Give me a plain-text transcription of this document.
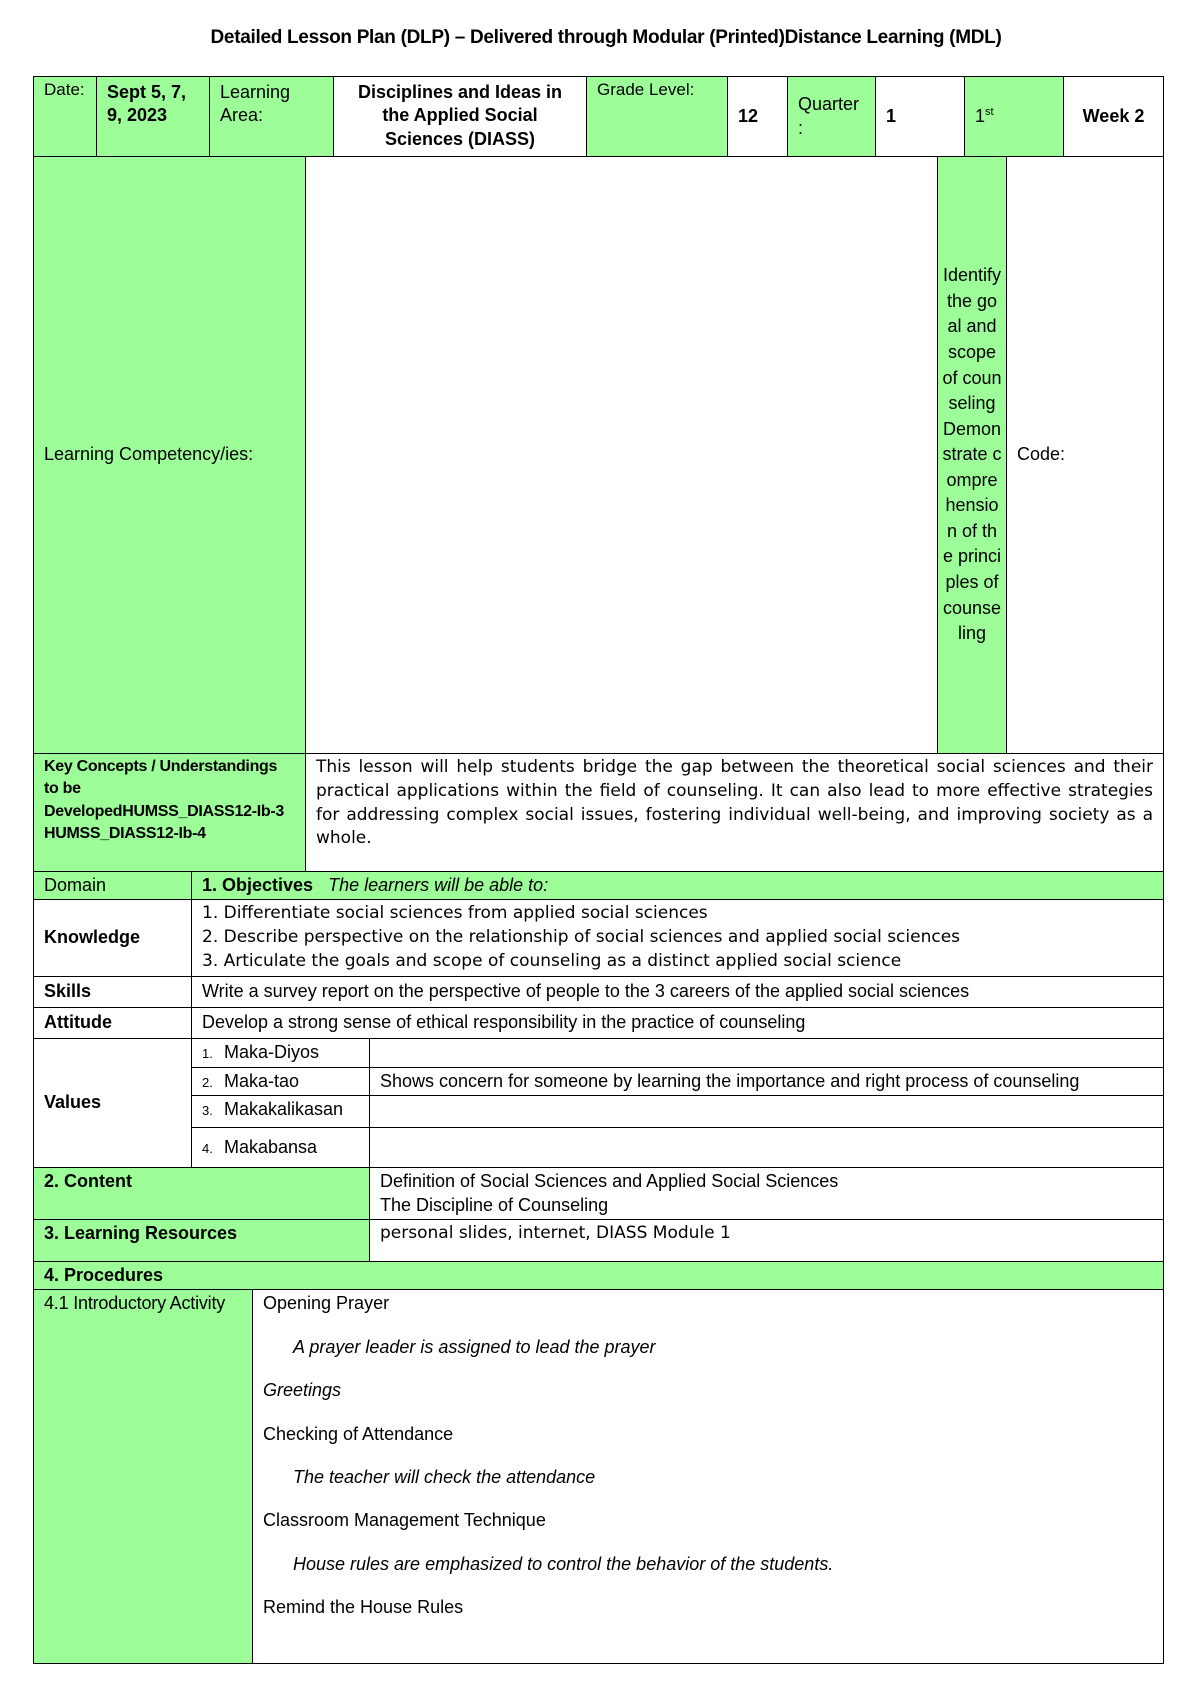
Detailed Lesson Plan (DLP) – Delivered through Modular (Printed)Distance Learning (MDL)
Date:	Sept 5, 7, 9, 2023	Learning Area:	Disciplines and Ideas in the Applied Social Sciences (DIASS)	Grade Level:	12	Quarter :	1	1st	Week 2
Learning Competency/ies:		Identify the goal and scope of counseling Demonstrate comprehension of the principles of counseling	Code:
Key Concepts / Understandings to be DevelopedHUMSS_DIASS12-Ib-3 HUMSS_DIASS12-Ib-4	This lesson will help students bridge the gap between the theoretical social sciences and their practical applications within the field of counseling. It can also lead to more effective strategies for addressing complex social issues, fostering individual well-being, and improving society as a whole.		
Domain	1. Objectives The learners will be able to:	
Knowledge	1. Differentiate social sciences from applied social sciences
2. Describe perspective on the relationship of social sciences and applied social sciences
3. Articulate the goals and scope of counseling as a distinct applied social science	

Skills	Write a survey report on the perspective of people to the 3 careers of the applied social sciences	
Attitude	Develop a strong sense of ethical responsibility in the practice of counseling	
Values	1. Maka-Diyos	
	2. Maka-tao	Shows concern for someone by learning the importance and right process of counseling
	3. Makakalikasan	
	4. Makabansa	
2. Content		Definition of Social Sciences and Applied Social Sciences
The Discipline of Counseling

3. Learning Resources		personal slides, internet, DIASS Module 1
4. Procedures
4.1 Introductory Activity	Opening Prayer

A prayer leader is assigned to lead the prayer

Greetings

Checking of Attendance

The teacher will check the attendance

Classroom Management Technique

House rules are emphasized to control the behavior of the students.

Remind the House Rules
